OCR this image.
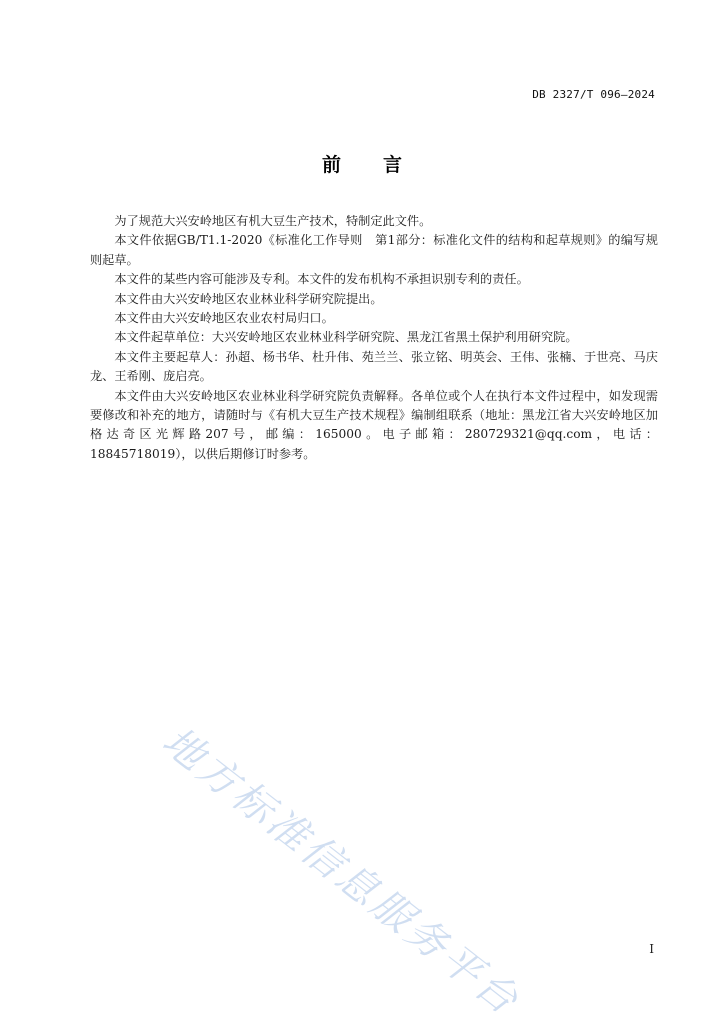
DB 2327/T 096—2024
前言

为了规范大兴安岭地区有机大豆生产技术，特制定此文件。

本文件依据GB/T1.1-2020《标准化工作导则　第1部分：标准化文件的结构和起草规则》的编写规则起草。

本文件的某些内容可能涉及专利。本文件的发布机构不承担识别专利的责任。

本文件由大兴安岭地区农业林业科学研究院提出。

本文件由大兴安岭地区农业农村局归口。

本文件起草单位：大兴安岭地区农业林业科学研究院、黑龙江省黑土保护利用研究院。

本文件主要起草人：孙超、杨书华、杜升伟、苑兰兰、张立铭、明英会、王伟、张楠、于世亮、马庆龙、王希刚、庞启亮。

本文件由大兴安岭地区农业林业科学研究院负责解释。各单位或个人在执行本文件过程中，如发现需要修改和补充的地方，请随时与《有机大豆生产技术规程》编制组联系（地址：黑龙江省大兴安岭地区加格达奇区光辉路207号，邮编：165000。电子邮箱：280729321@qq.com，电话：18845718019），以供后期修订时参考。

地方标准信息服务平台	I
